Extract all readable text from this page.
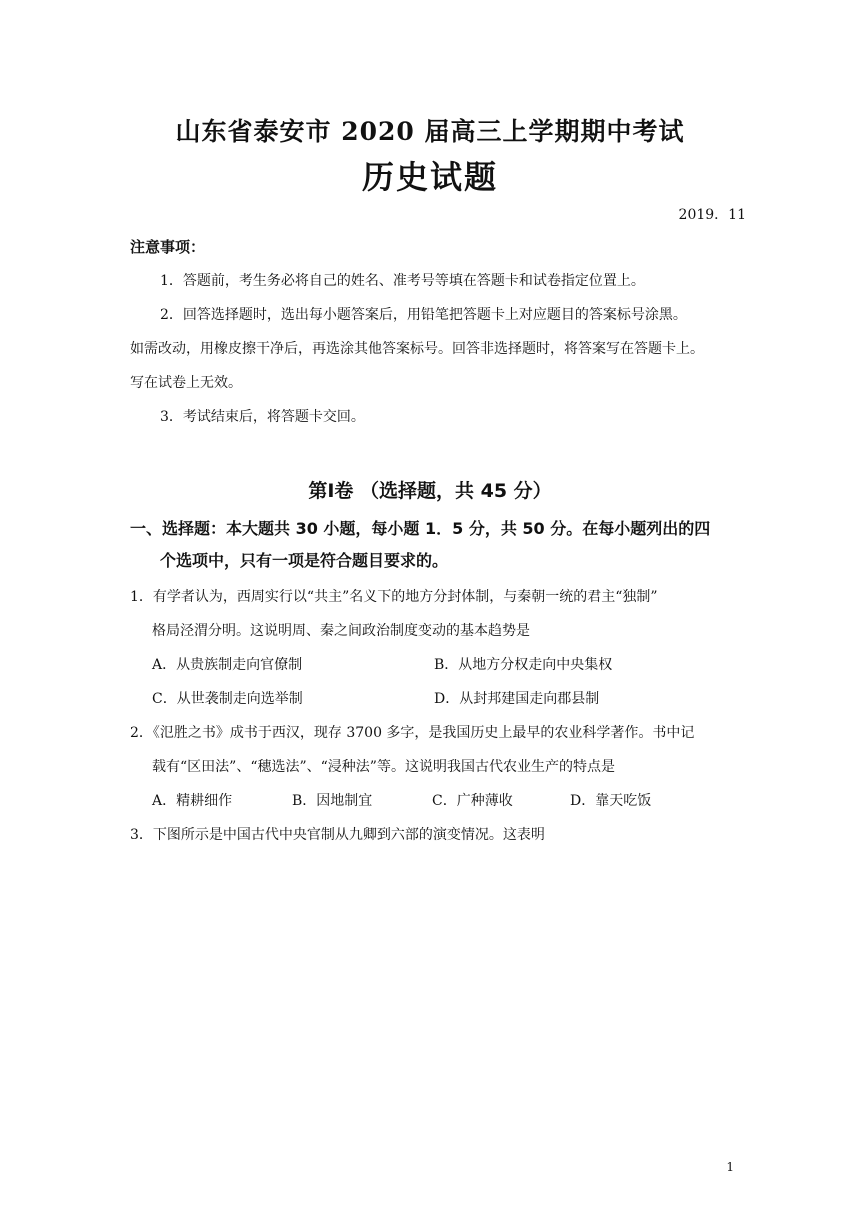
山东省泰安市 2020 届高三上学期期中考试
历史试题
2019．11
注意事项：
1．答题前，考生务必将自己的姓名、准考号等填在答题卡和试卷指定位置上。
2．回答选择题时，选出每小题答案后，用铅笔把答题卡上对应题目的答案标号涂黑。
如需改动，用橡皮擦干净后，再选涂其他答案标号。回答非选择题时，将答案写在答题卡上。
写在试卷上无效。
3．考试结束后，将答题卡交回。
第Ⅰ卷 （选择题，共 45 分）
一、选择题：本大题共 30 小题，每小题 1．5 分，共 50 分。在每小题列出的四
个选项中，只有一项是符合题目要求的。
1．有学者认为，西周实行以“共主”名义下的地方分封体制，与秦朝一统的君主“独制”
格局泾渭分明。这说明周、秦之间政治制度变动的基本趋势是
A．从贵族制走向官僚制	B．从地方分权走向中央集权
C．从世袭制走向选举制	D．从封邦建国走向郡县制
2．《氾胜之书》成书于西汉，现存 3700 多字，是我国历史上最早的农业科学著作。书中记
载有“区田法”、“穗选法”、“浸种法”等。这说明我国古代农业生产的特点是
A．精耕细作	B．因地制宜	C．广种薄收	D．靠天吃饭
3．下图所示是中国古代中央官制从九卿到六部的演变情况。这表明
1
